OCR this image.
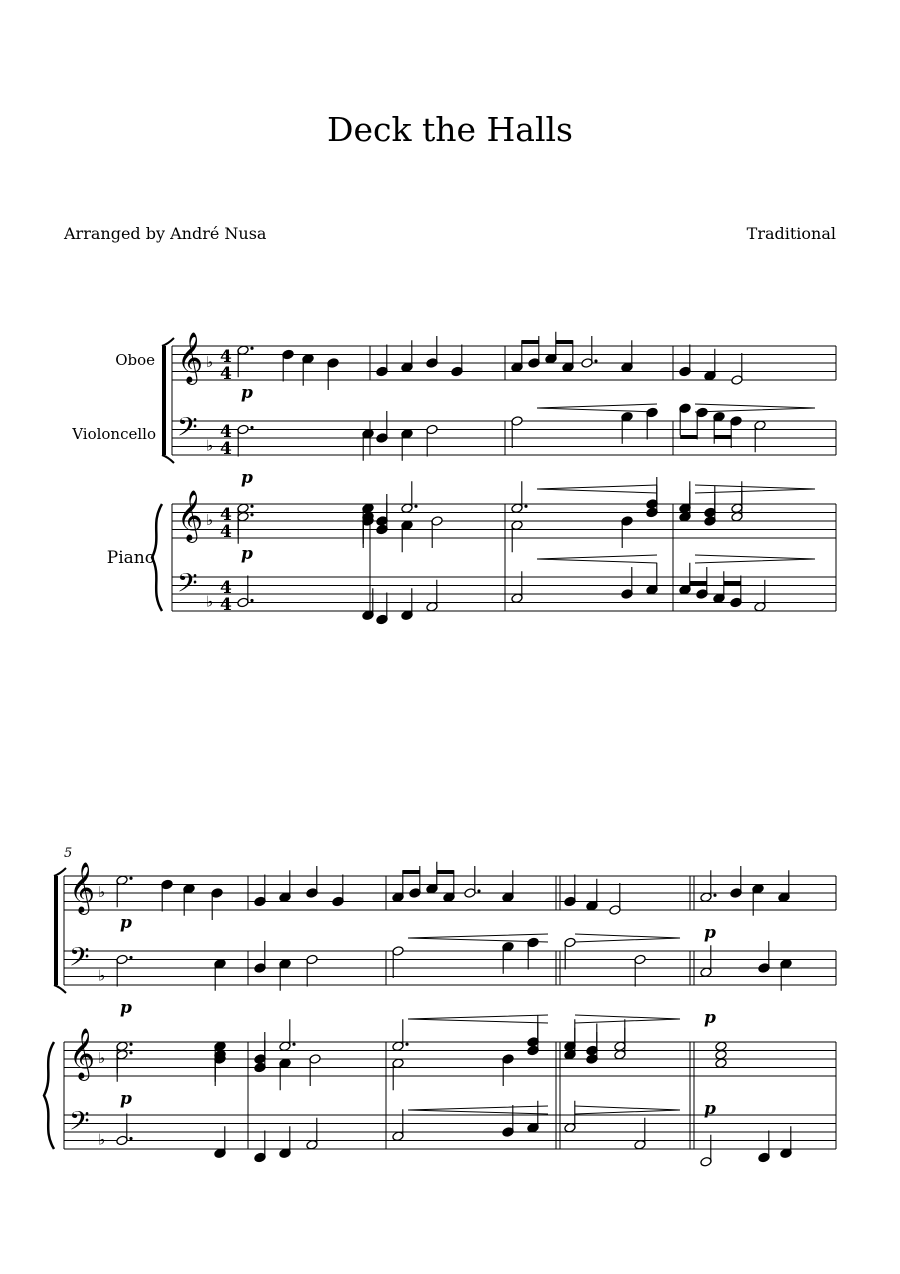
Deck the Halls
Arranged by André Nusa	Traditional
Oboe
Violoncello
Piano
5
𝄞
𝄢
𝄞
𝄢
♭
♭
♭
♭
4
4
4
4
4
4
4
4
p
p
p
𝄞
𝄢
𝄞
𝄢
♭
♭
♭
♭
p
p
p
p
p
p
